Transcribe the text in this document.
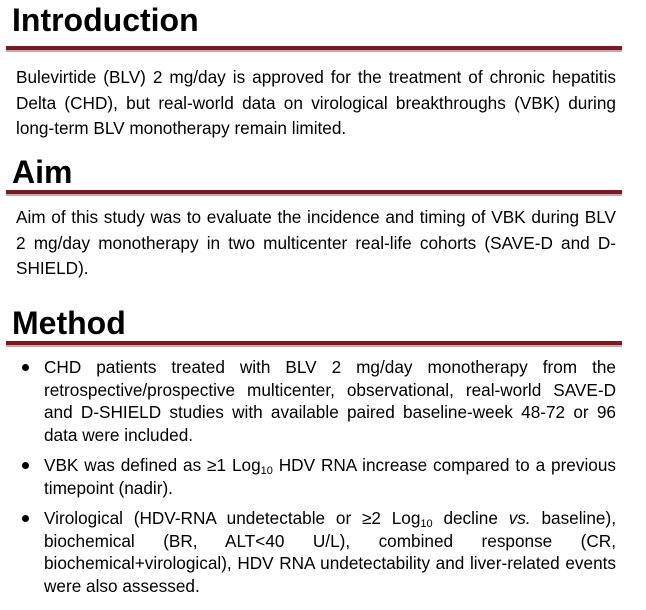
Introduction

Bulevirtide (BLV) 2 mg/day is approved for the treatment of chronic hepatitis Delta (CHD), but real-world data on virological breakthroughs (VBK) during long-term BLV monotherapy remain limited.

Aim

Aim of this study was to evaluate the incidence and timing of VBK during BLV 2 mg/day monotherapy in two multicenter real-life cohorts (SAVE-D and D-SHIELD).

Method
CHD patients treated with BLV 2 mg/day monotherapy from the retrospective/prospective multicenter, observational, real-world SAVE-D and D-SHIELD studies with available paired baseline-week 48-72 or 96 data were included.
VBK was defined as ≥1 Log$_{10}$ HDV RNA increase compared to a previous timepoint (nadir).
Virological (HDV-RNA undetectable or ≥2 Log$_{10}$ decline vs. baseline), biochemical (BR, ALT<40 U/L), combined response (CR, biochemical+virological), HDV RNA undetectability and liver-related events were also assessed.
